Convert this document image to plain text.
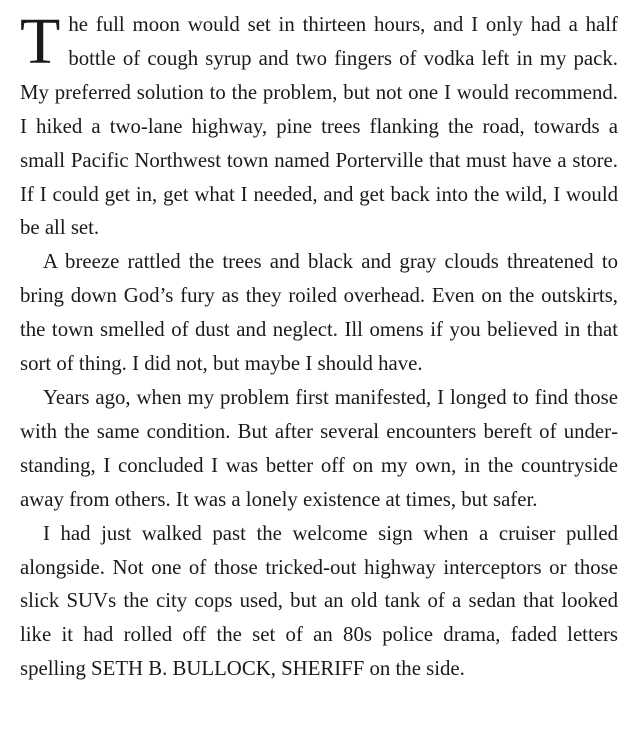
The full moon would set in thirteen hours, and I only had a half bottle of cough syrup and two fingers of vodka left in my pack. My preferred solution to the problem, but not one I would recommend. I hiked a two-lane highway, pine trees flanking the road, towards a small Pacific Northwest town named Porterville that must have a store. If I could get in, get what I needed, and get back into the wild, I would be all set.

A breeze rattled the trees and black and gray clouds threatened to bring down God’s fury as they roiled overhead. Even on the outskirts, the town smelled of dust and neglect. Ill omens if you believed in that sort of thing. I did not, but maybe I should have.

Years ago, when my problem first manifested, I longed to find those with the same condition. But after several encounters bereft of understanding, I concluded I was better off on my own, in the countryside away from others. It was a lonely existence at times, but safer.

I had just walked past the welcome sign when a cruiser pulled alongside. Not one of those tricked-out highway interceptors or those slick SUVs the city cops used, but an old tank of a sedan that looked like it had rolled off the set of an 80s police drama, faded letters spelling SETH B. BULLOCK, SHERIFF on the side.
